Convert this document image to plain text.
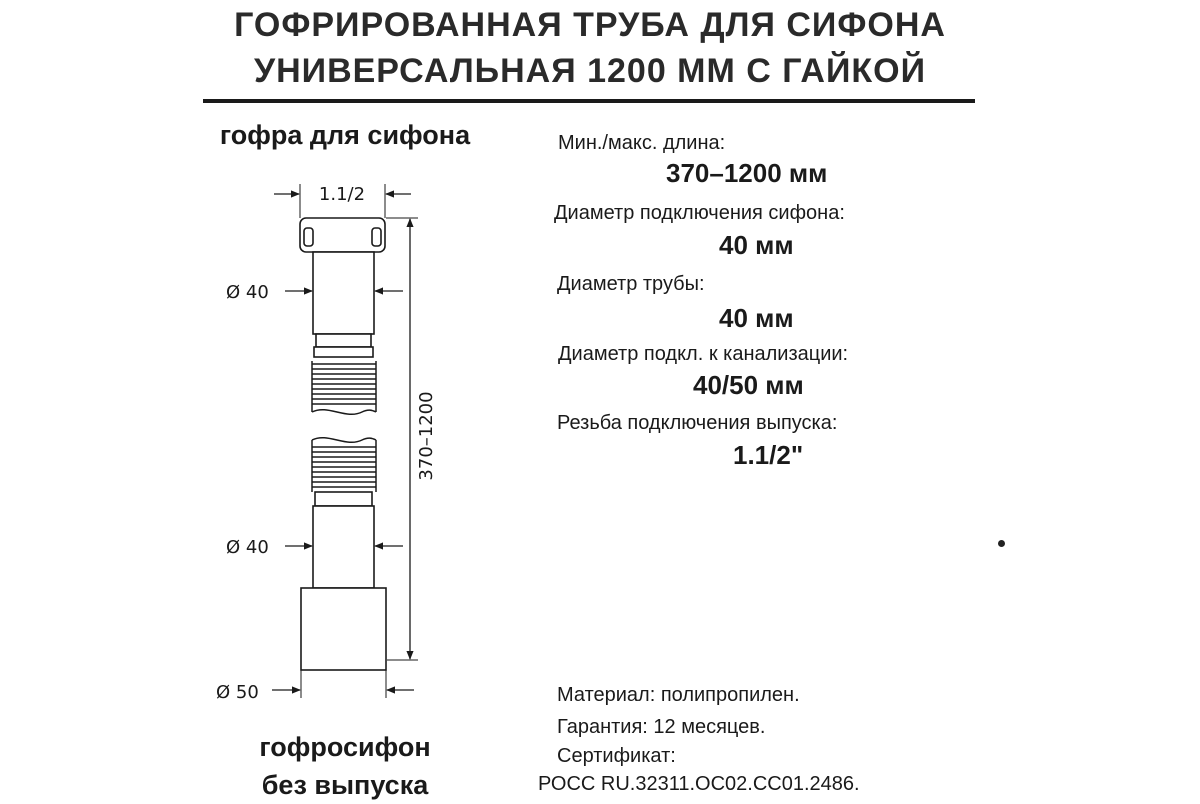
ГОФРИРОВАННАЯ ТРУБА ДЛЯ СИФОНА
УНИВЕРСАЛЬНАЯ 1200 ММ С ГАЙКОЙ
гофра для сифона
1.1/2
Ø 40
Ø 40
Ø 50
370–1200
Мин./макс. длина:
370–1200 мм
Диаметр подключения сифона:
40 мм
Диаметр трубы:
40 мм
Диаметр подкл. к канализации:
40/50 мм
Резьба подключения выпуска:
1.1/2"
Материал: полипропилен.
Гарантия: 12 месяцев.
Сертификат:
РОСС RU.32311.ОС02.СС01.2486.
гофросифон
без выпуска
